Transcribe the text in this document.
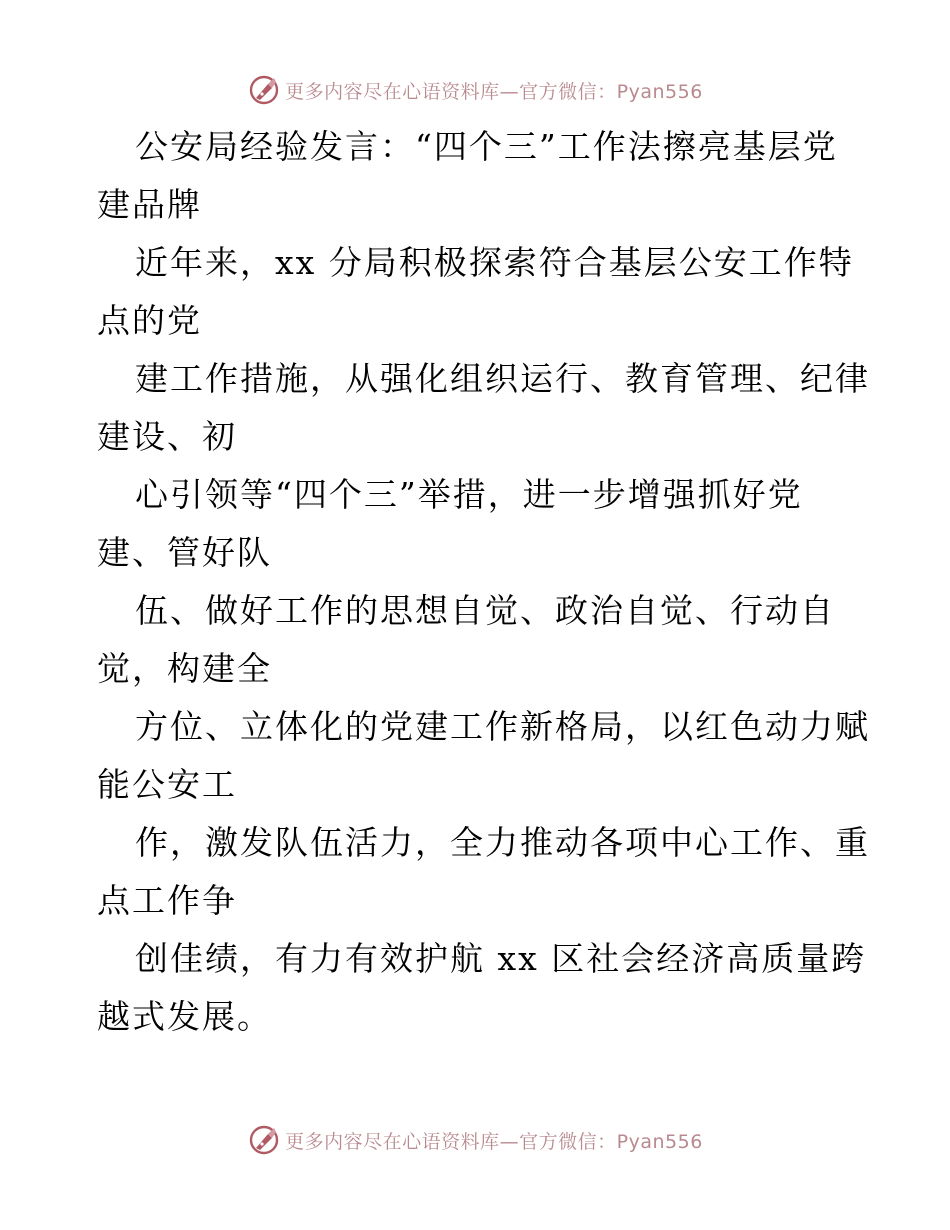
更多内容尽在心语资料库—官方微信：Pyan556
公安局经验发言：“四个三”工作法擦亮基层党
建品牌
近年来，xx 分局积极探索符合基层公安工作特
点的党
建工作措施，从强化组织运行、教育管理、纪律
建设、初
心引领等“四个三”举措，进一步增强抓好党
建、管好队
伍、做好工作的思想自觉、政治自觉、行动自
觉，构建全
方位、立体化的党建工作新格局，以红色动力赋
能公安工
作，激发队伍活力，全力推动各项中心工作、重
点工作争
创佳绩，有力有效护航 xx 区社会经济高质量跨
越式发展。
更多内容尽在心语资料库—官方微信：Pyan556
